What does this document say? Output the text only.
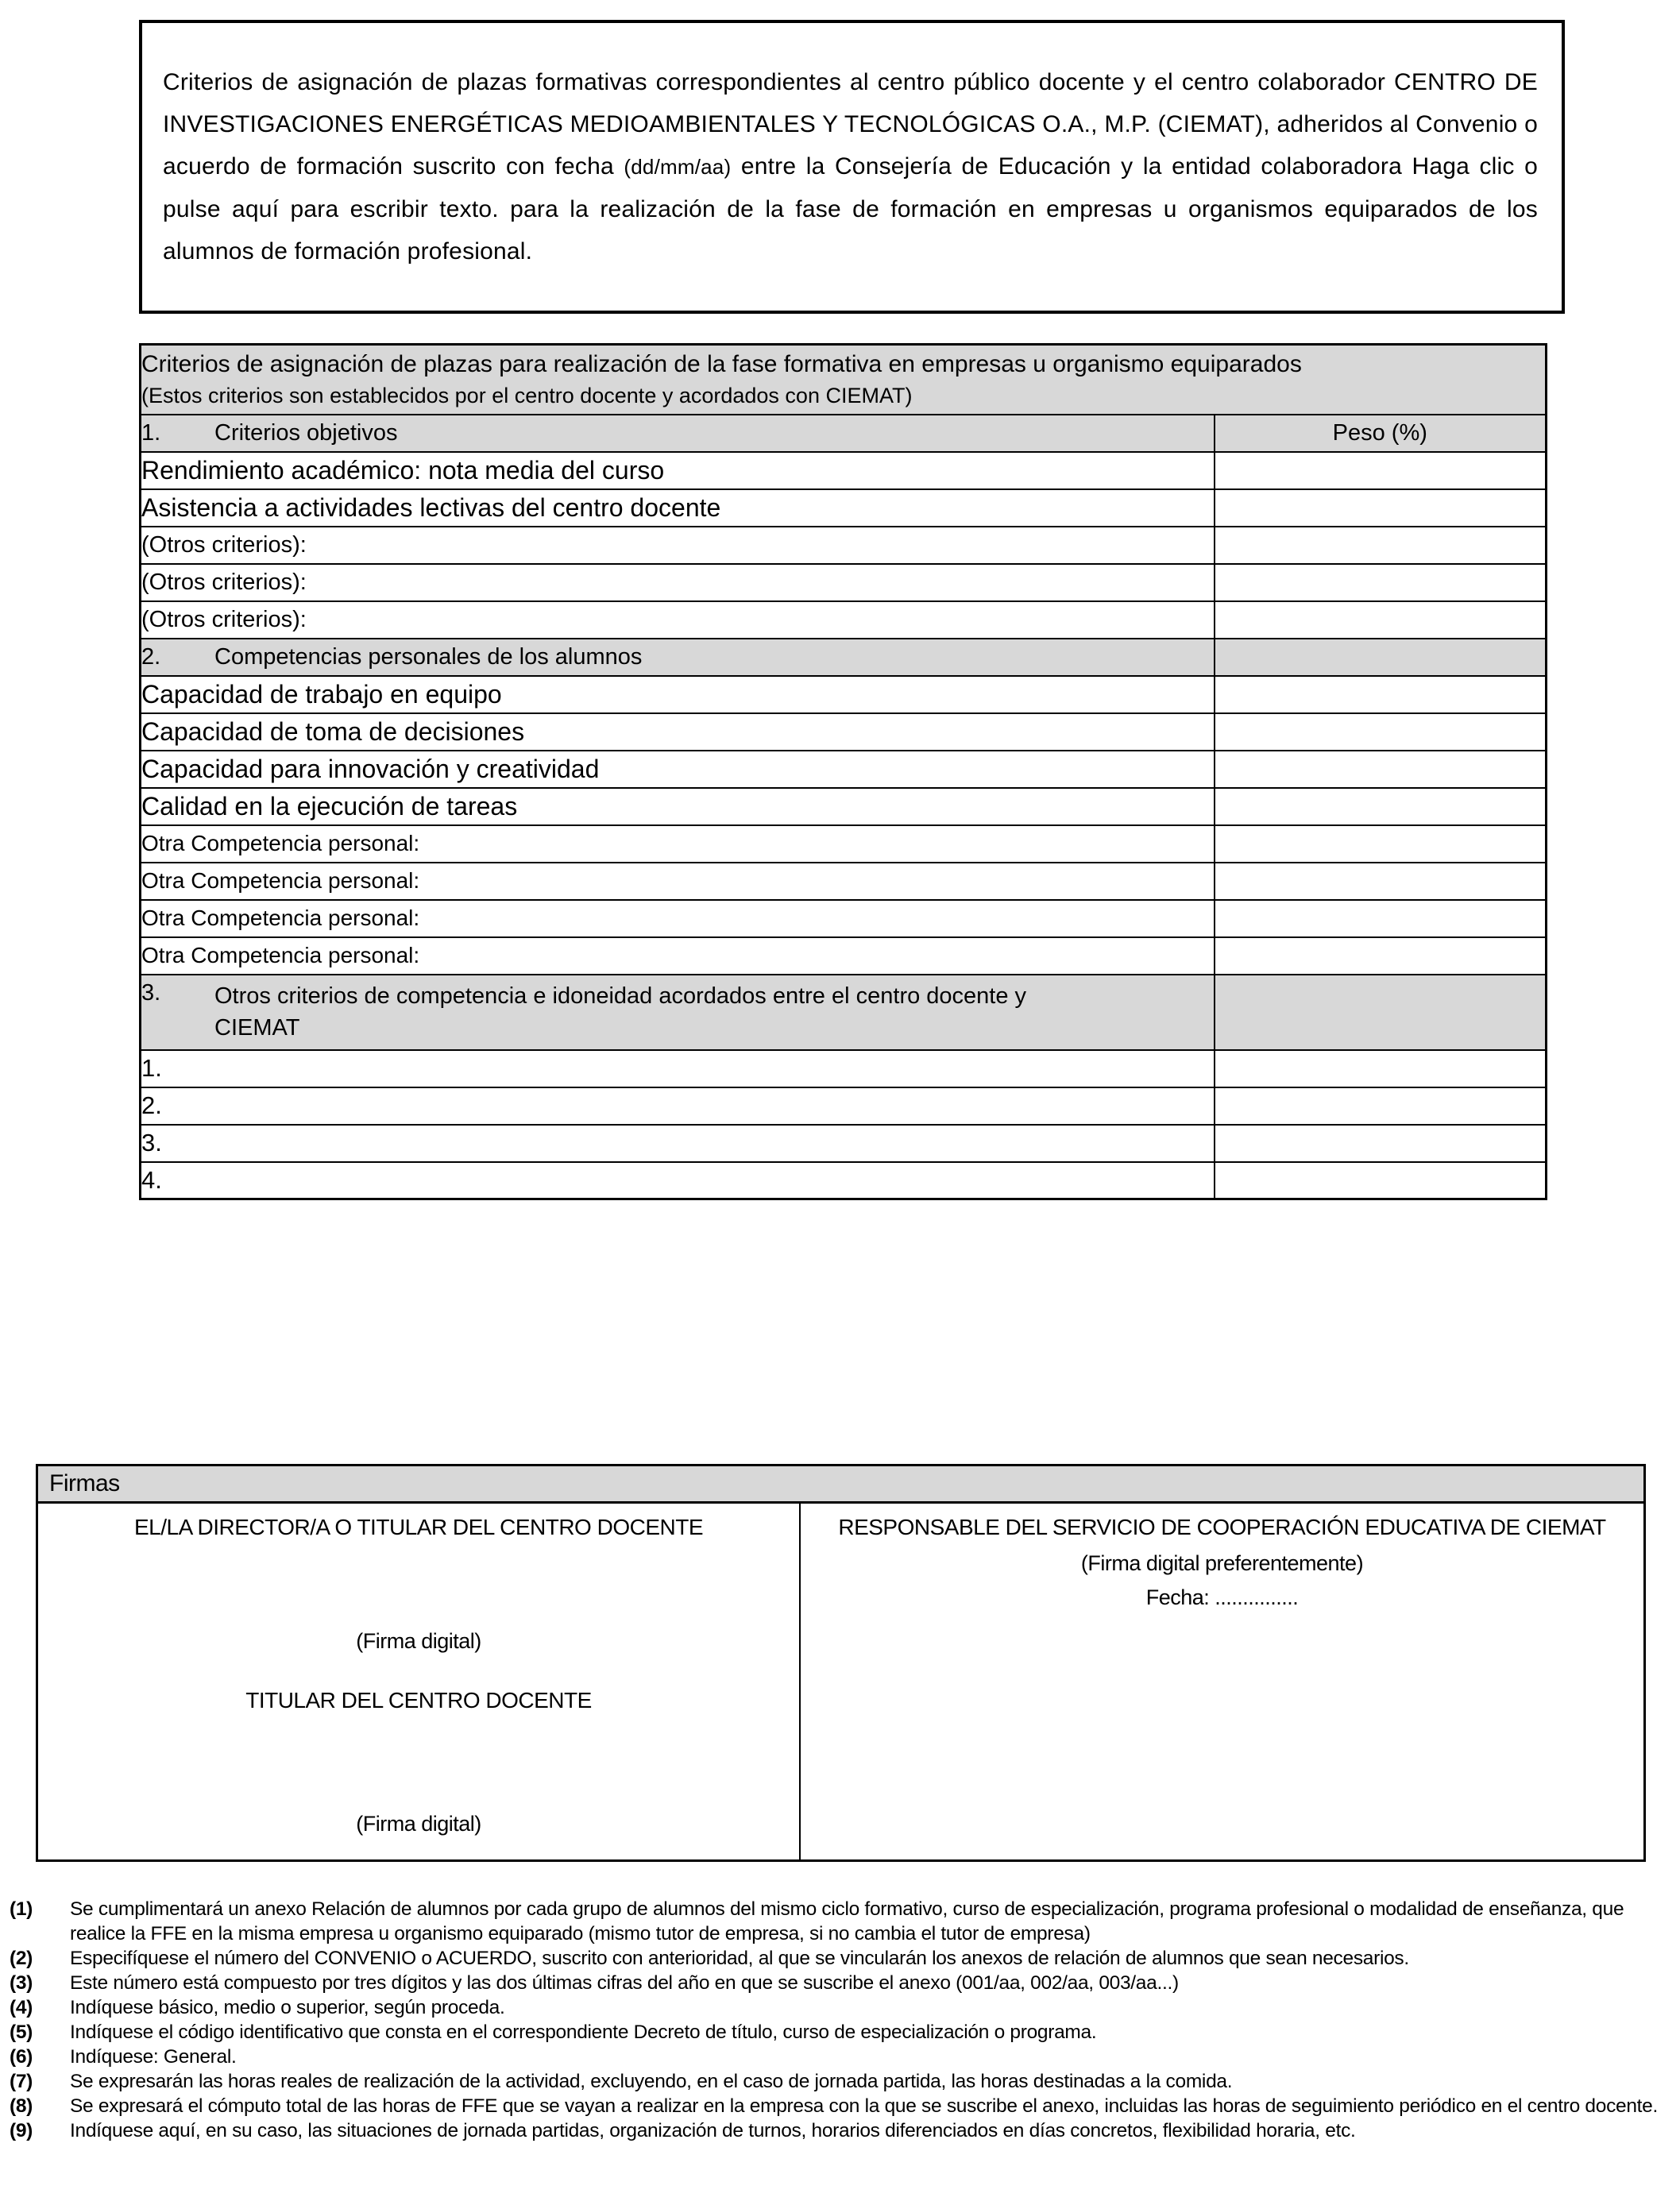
Criterios de asignación de plazas formativas correspondientes al centro público docente y el centro colaborador CENTRO DE INVESTIGACIONES ENERGÉTICAS MEDIOAMBIENTALES Y TECNOLÓGICAS O.A., M.P. (CIEMAT), adheridos al Convenio o acuerdo de formación suscrito con fecha (dd/mm/aa) entre la Consejería de Educación y la entidad colaboradora Haga clic o pulse aquí para escribir texto. para la realización de la fase de formación en empresas u organismos equiparados de los alumnos de formación profesional.
Criterios de asignación de plazas para realización de la fase formativa en empresas u organismo equiparados
(Estos criterios son establecidos por el centro docente y acordados con CIEMAT)	

1. Criterios objetivos	Peso (%)
Rendimiento académico: nota media del curso	
Asistencia a actividades lectivas del centro docente	
(Otros criterios):	
(Otros criterios):	
(Otros criterios):	

2. Competencias personales de los alumnos	

Capacidad de trabajo en equipo	
Capacidad de toma de decisiones	
Capacidad para innovación y creatividad	
Calidad en la ejecución de tareas	
Otra Competencia personal:	
Otra Competencia personal:	
Otra Competencia personal:	
Otra Competencia personal:	

3. Otros criterios de competencia e idoneidad acordados entre el centro docente y
CIEMAT	

1.	
2.	
3.	
4.	
Firmas
EL/LA DIRECTOR/A O TITULAR DEL CENTRO DOCENTE
(Firma digital)
TITULAR DEL CENTRO DOCENTE
(Firma digital)
RESPONSABLE DEL SERVICIO DE COOPERACIÓN EDUCATIVA DE CIEMAT
(Firma digital preferentemente)
Fecha: ...............
(1)	Se cumplimentará un anexo Relación de alumnos por cada grupo de alumnos del mismo ciclo formativo, curso de especialización, programa profesional o modalidad de enseñanza, que realice la FFE en la misma empresa u organismo equiparado (mismo tutor de empresa, si no cambia el tutor de empresa)
(2)	Especifíquese el número del CONVENIO o ACUERDO, suscrito con anterioridad, al que se vincularán los anexos de relación de alumnos que sean necesarios.
(3)	Este número está compuesto por tres dígitos y las dos últimas cifras del año en que se suscribe el anexo (001/aa, 002/aa, 003/aa...)
(4)	Indíquese básico, medio o superior, según proceda.
(5)	Indíquese el código identificativo que consta en el correspondiente Decreto de título, curso de especialización o programa.
(6)	Indíquese: General.
(7)	Se expresarán las horas reales de realización de la actividad, excluyendo, en el caso de jornada partida, las horas destinadas a la comida.
(8)	Se expresará el cómputo total de las horas de FFE que se vayan a realizar en la empresa con la que se suscribe el anexo, incluidas las horas de seguimiento periódico en el centro docente.
(9)	Indíquese aquí, en su caso, las situaciones de jornada partidas, organización de turnos, horarios diferenciados en días concretos, flexibilidad horaria, etc.
